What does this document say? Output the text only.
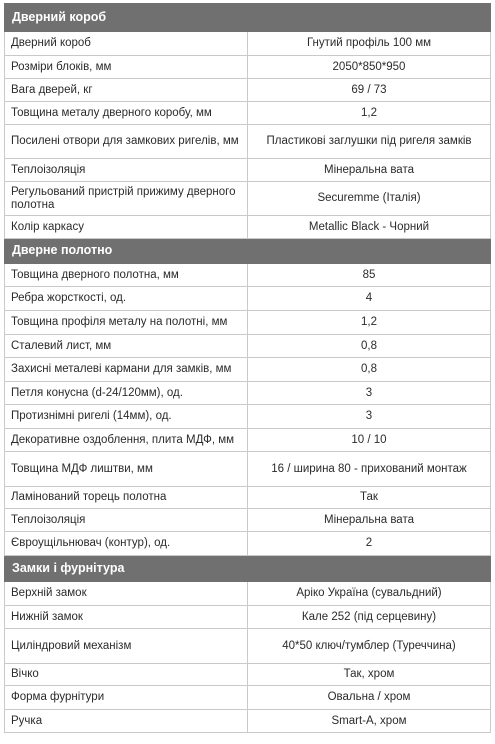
Дверний короб	
Дверний короб	Гнутий профіль 100 мм
Розміри блоків, мм	2050*850*950
Вага дверей, кг	69 / 73
Товщина металу дверного коробу, мм	1,2
Посилені отвори для замкових ригелів, мм	Пластикові заглушки під ригеля замків
Теплоізоляція	Мінеральна вата
Регульований пристрій прижиму дверного полотна	Securemme (Італія)
Колір каркасу	Metallic Black - Чорний
Дверне полотно	
Товщина дверного полотна, мм	85
Ребра жорсткості, од.	4
Товщина профіля металу на полотні, мм	1,2
Сталевий лист, мм	0,8
Захисні металеві кармани для замків, мм	0,8
Петля конусна (d-24/120мм), од.	3
Протизнімні ригелі (14мм), од.	3
Декоративне оздоблення, плита МДФ, мм	10 / 10
Товщина МДФ лиштви, мм	16 / ширина 80 - прихований монтаж
Ламінований торець полотна	Так
Теплоізоляція	Мінеральна вата
Євроущільнювач (контур), од.	2
Замки і фурнітура	
Верхній замок	Аріко Україна (сувальдний)
Нижній замок	Кале 252 (під серцевину)
Циліндровий механізм	40*50 ключ/тумблер (Туреччина)
Вічко	Так, хром
Форма фурнітури	Овальна / хром
Ручка	Smart-A, хром
